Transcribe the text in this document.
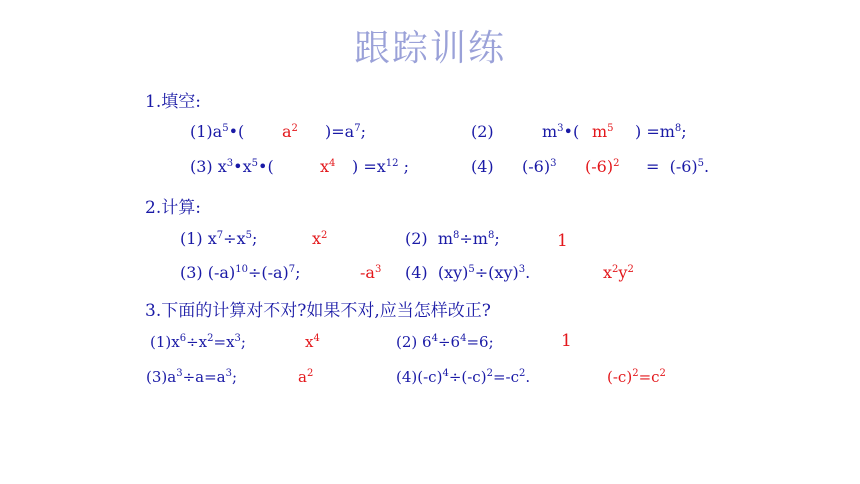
跟踪训练
1.填空:
$(1)a^5•$( $a^2$ )$=a^7$;	(2)	$m^3•$( $m^5$ ) $=m^8$;
(3) $x^3•x^5•$(	$x^4$ ) $=x^{12}$ ;	(4) $(-6)^3$ $(-6)^2 = (-6)^5$.
2.计算:
(1) $x^7\div x^5$;	$x^2$	(2) $m^8\div m^8$;	1
(3) $(-a)^{10}\div(-a)^7$;	$-a^3$ (4) (xy)$^5$÷(xy)$^3$.	$x^2y^2$
3.下面的计算对不对?如果不对,应当怎样改正?
$(1)x^6\div x^2=x^3$;	$x^4$	(2) $6^4\div 6^4=6$;	1
$(3)a^3\div a=a^3$;	$a^2$	$(4)(-c)^4\div(-c)^2=-c^2$.	$(-c)^2=c^2$
